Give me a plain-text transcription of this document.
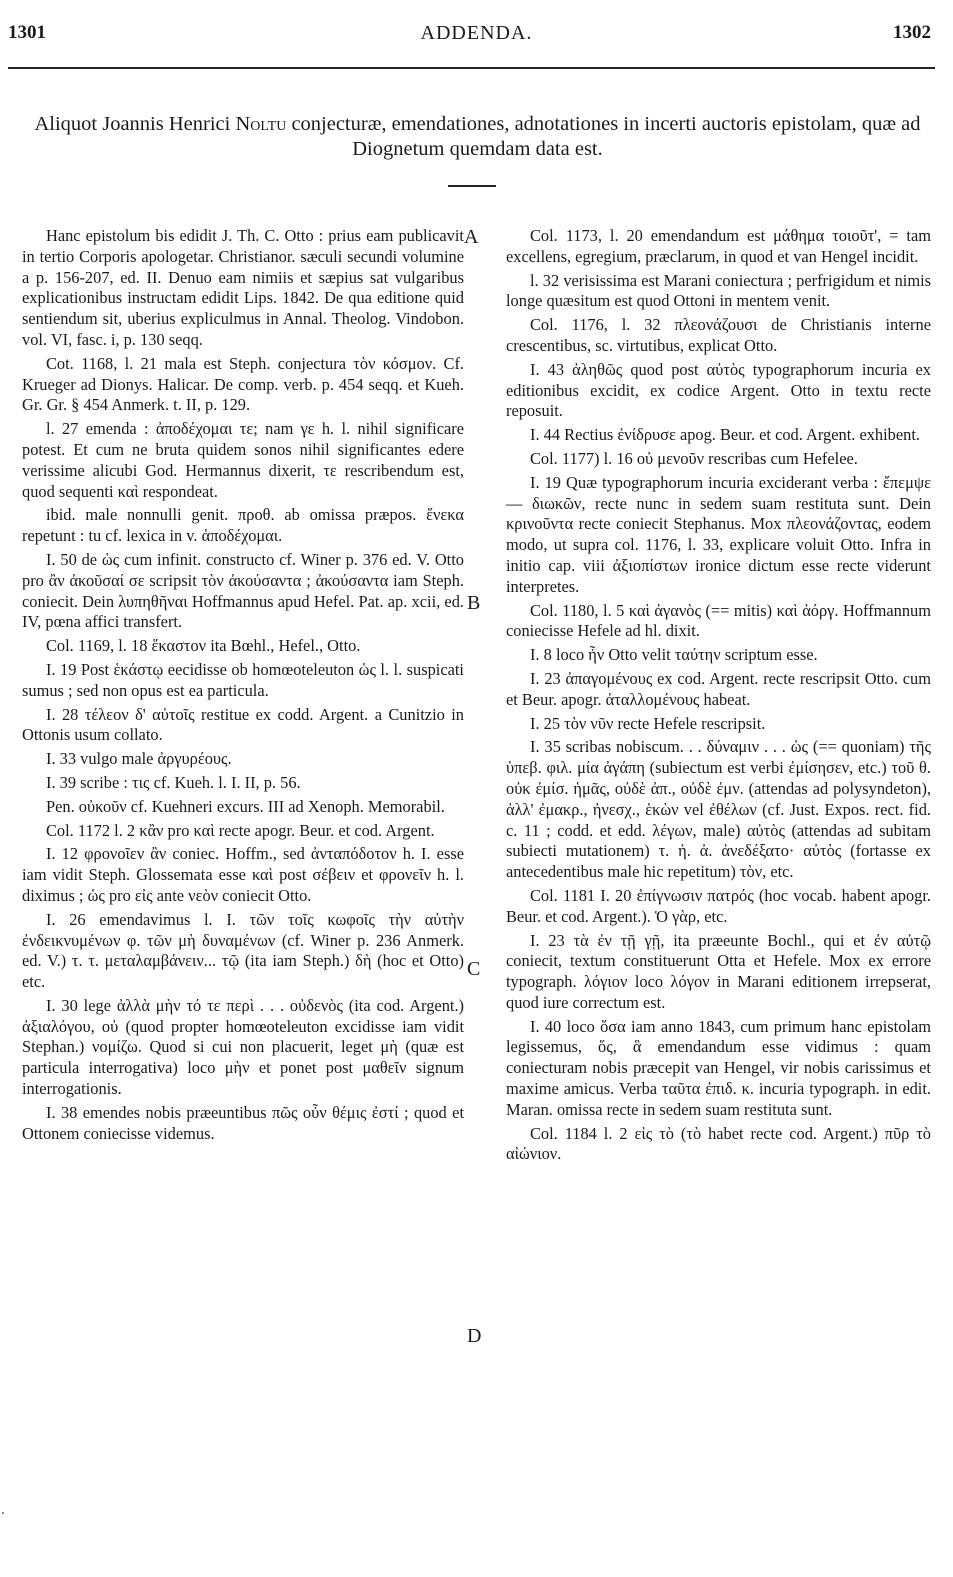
1301	ADDENDA.	1302
Aliquot Joannis Henrici Noltu conjecturæ, emendationes, adnotationes in incerti auctoris epistolam, quæ ad Diognetum quemdam data est.

Hanc epistolum bis edidit J. Th. C. Otto : prius eam publicavit in tertio Corporis apologetar. Christianor. sæculi secundi volumine a p. 156-207, ed. II. Denuo eam nimiis et sæpius sat vulgaribus explicationibus instructam edidit Lips. 1842. De qua editione quid sentiendum sit, uberius expliculmus in Annal. Theolog. Vindobon. vol. VI, fasc. i, p. 130 seqq.

Cot. 1168, l. 21 mala est Steph. conjectura τὸν κόσμον. Cf. Krueger ad Dionys. Halicar. De comp. verb. p. 454 seqq. et Kueh. Gr. Gr. § 454 Anmerk. t. II, p. 129.

l. 27 emenda : ἀποδέχομαι τε; nam γε h. l. nihil significare potest. Et cum ne bruta quidem sonos nihil significantes edere verissime alicubi God. Hermannus dixerit, τε rescribendum est, quod sequenti καὶ respondeat.

ibid. male nonnulli genit. προθ. ab omissa præpos. ἕνεκα repetunt : tu cf. lexica in v. ἀποδέχομαι.

I. 50 de ὡς cum infinit. constructo cf. Winer p. 376 ed. V. Otto pro ἂν ἀκοῦσαί σε scripsit τὸν ἀκούσαντα ; ἀκούσαντα iam Steph. coniecit. Dein λυπηθῆναι Hoffmannus apud Hefel. Pat. ap. xcii, ed. IV, pœna affici transfert.

Col. 1169, l. 18 ἕκαστον ita Bœhl., Hefel., Otto.

I. 19 Post ἑκάστῳ eecidisse ob homœoteleuton ὡς l. l. suspicati sumus ; sed non opus est ea particula.

I. 28 τέλεον δ' αὐτοῖς restitue ex codd. Argent. a Cunitzio in Ottonis usum collato.

I. 33 vulgo male ἀργυρέους.

I. 39 scribe : τις cf. Kueh. l. I. II, p. 56.

Pen. οὐκοῦν cf. Kuehneri excurs. III ad Xenoph. Memorabil.

Col. 1172 l. 2 κἂν pro καὶ recte apogr. Beur. et cod. Argent.

I. 12 φρονοῖεν ἂν coniec. Hoffm., sed ἀνταπόδοτον h. I. esse iam vidit Steph. Glossemata esse καὶ post σέβειν et φρονεῖν h. l. diximus ; ὡς pro εἰς ante νεὸν coniecit Otto.

I. 26 emendavimus l. I. τῶν τοῖς κωφοῖς τὴν αὐτὴν ἐνδεικνυμένων φ. τῶν μὴ δυναμένων (cf. Winer p. 236 Anmerk. ed. V.) τ. τ. μεταλαμβάνειν... τῷ (ita iam Steph.) δὴ (hoc et Otto) etc.

I. 30 lege ἀλλὰ μὴν τό τε περὶ . . . οὐδενὸς (ita cod. Argent.) ἀξιαλόγου, οὐ (quod propter homœoteleuton excidisse iam vidit Stephan.) νομίζω. Quod si cui non placuerit, leget μὴ (quæ est particula interrogativa) loco μὴν et ponet post μαθεῖν signum interrogationis.

I. 38 emendes nobis præeuntibus πῶς οὖν θέμις ἐστί ; quod et Ottonem coniecisse videmus.

Col. 1173, l. 20 emendandum est μάθημα τοιοῦτ', = tam excellens, egregium, præclarum, in quod et van Hengel incidit.

l. 32 verisissima est Marani coniectura ; perfrigidum et nimis longe quæsitum est quod Ottoni in mentem venit.

Col. 1176, l. 32 πλεονάζουσι de Christianis interne crescentibus, sc. virtutibus, explicat Otto.

I. 43 ἀληθῶς quod post αὐτὸς typographorum incuria ex editionibus excidit, ex codice Argent. Otto in textu recte reposuit.

I. 44 Rectius ἐνίδρυσε apog. Beur. et cod. Argent. exhibent.

Col. 1177) l. 16 οὐ μενοῦν rescribas cum Hefelee.

I. 19 Quæ typographorum incuria exciderant verba : ἔπεμψε — διωκῶν, recte nunc in sedem suam restituta sunt. Dein κρινοῦντα recte coniecit Stephanus. Mox πλεονάζοντας, eodem modo, ut supra col. 1176, l. 33, explicare voluit Otto. Infra in initio cap. viii ἀξιοπίστων ironice dictum esse recte viderunt interpretes.

Col. 1180, l. 5 καὶ ἀγανὸς (== mitis) καὶ ἀόργ. Hoffmannum coniecisse Hefele ad hl. dixit.

I. 8 loco ἦν Otto velit ταύτην scriptum esse.

I. 23 ἀπαγομένους ex cod. Argent. recte rescripsit Otto. cum et Beur. apogr. ἀταλλομένους habeat.

I. 25 τὸν νῦν recte Hefele rescripsit.

I. 35 scribas nobiscum. . . δύναμιν . . . ὡς (== quoniam) τῆς ὑπεβ. φιλ. μία ἀγάπη (subiectum est verbi ἐμίσησεν, etc.) τοῦ θ. οὐκ ἐμίσ. ἡμᾶς, οὐδὲ ἀπ., οὐδὲ ἐμν. (attendas ad polysyndeton), ἀλλ' ἐμακρ., ἠνεσχ., ἑκὼν vel ἐθέλων (cf. Just. Expos. rect. fid. c. 11 ; codd. et edd. λέγων, male) αὐτὸς (attendas ad subitam subiecti mutationem) τ. ἡ. ἀ. ἀνεδέξατο· αὐτὸς (fortasse ex antecedentibus male hic repetitum) τὸν, etc.

Col. 1181 I. 20 ἐπίγνωσιν πατρός (hoc vocab. habent apogr. Beur. et cod. Argent.). Ὁ γὰρ, etc.

I. 23 τὰ ἐν τῇ γῇ, ita præeunte Bochl., qui et ἐν αὐτῷ coniecit, textum constituerunt Otta et Hefele. Mox ex errore typograph. λόγιον loco λόγον in Marani editionem irrepserat, quod iure correctum est.

I. 40 loco ὅσα iam anno 1843, cum primum hanc epistolam legissemus, ὅς, ἃ emendandum esse vidimus : quam coniecturam nobis præcepit van Hengel, vir nobis carissimus et maxime amicus. Verba ταῦτα ἐπιδ. κ. incuria typograph. in edit. Maran. omissa recte in sedem suam restituta sunt.

Col. 1184 l. 2 εἰς τὸ (τὸ habet recte cod. Argent.) πῦρ τὸ αἰώνιον.

A
B
C
D
